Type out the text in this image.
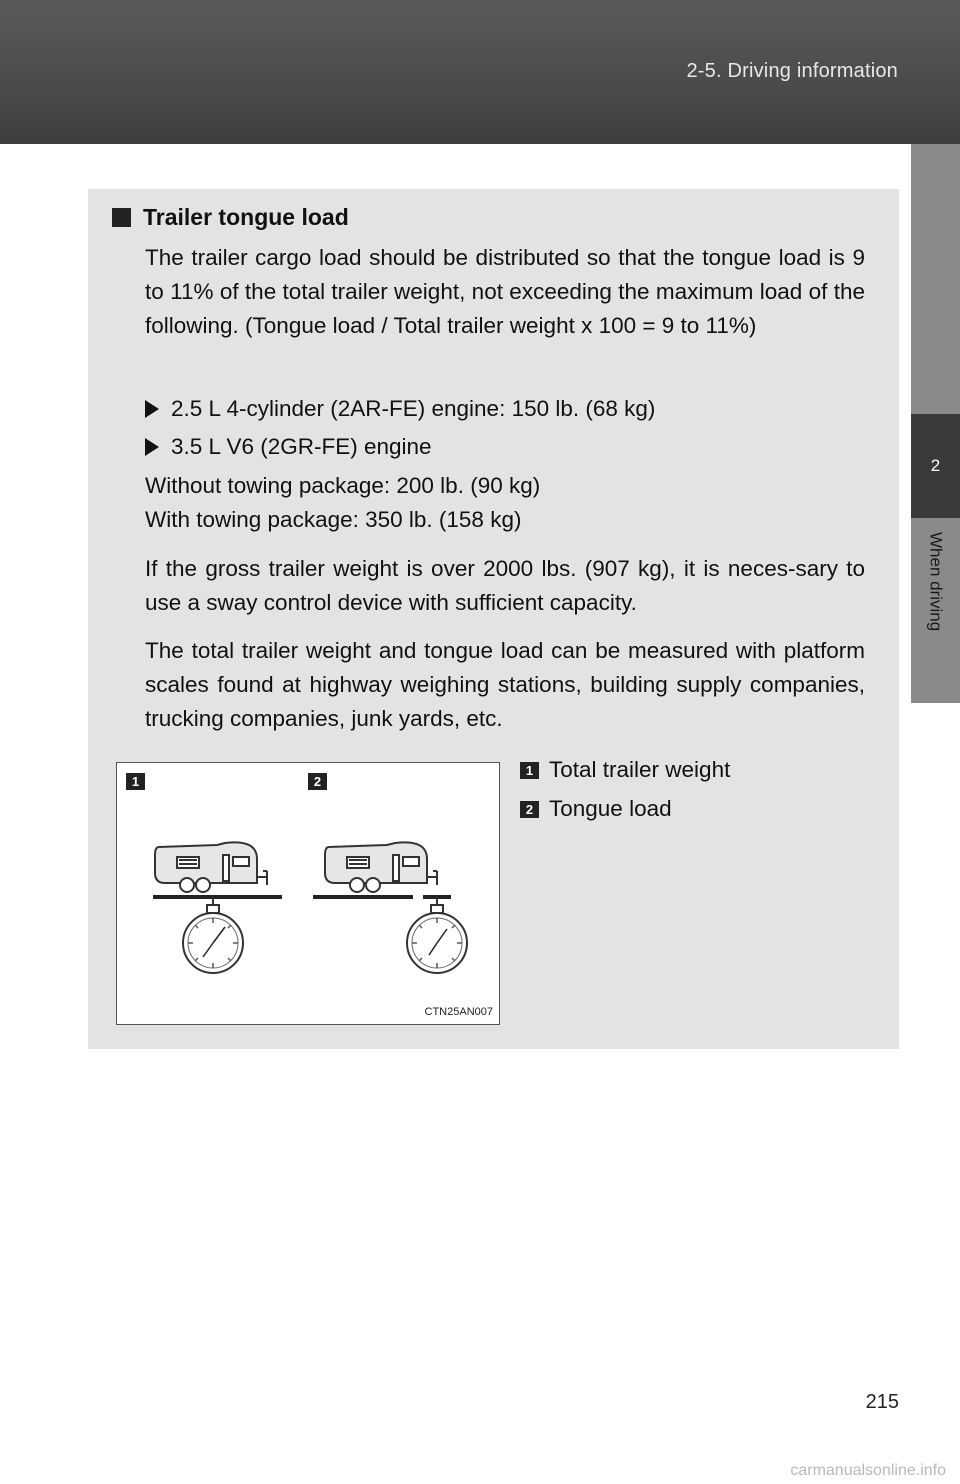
2-5. Driving information
2
When driving
Trailer tongue load

The trailer cargo load should be distributed so that the tongue load is 9 to 11% of the total trailer weight, not exceeding the maximum load of the following. (Tongue load / Total trailer weight x 100 = 9 to 11%)

2.5 L 4-cylinder (2AR-FE) engine: 150 lb. (68 kg)
3.5 L V6 (2GR-FE) engine
Without towing package: 200 lb. (90 kg)
With towing package: 350 lb. (158 kg)

If the gross trailer weight is over 2000 lbs. (907 kg), it is neces-sary to use a sway control device with sufficient capacity.

The total trailer weight and tongue load can be measured with platform scales found at highway weighing stations, building supply companies, trucking companies, junk yards, etc.

1	2
CTN25AN007
1 Total trailer weight
2 Tongue load
215
carmanualsonline.info
